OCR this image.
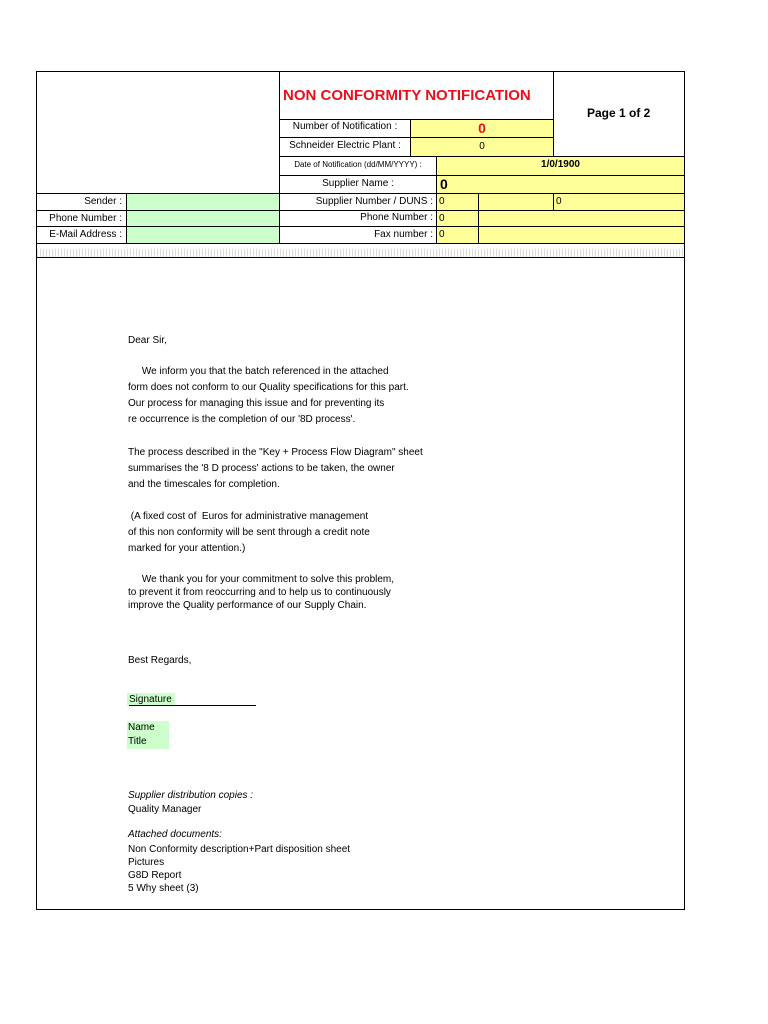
NON CONFORMITY NOTIFICATION
Page 1 of 2
Number of Notification :	0
Schneider Electric Plant :	0
Date of Notification (dd/MM/YYYY) :	1/0/1900
Supplier Name :	0
Sender :
Phone Number :
E-Mail Address :
Supplier Number / DUNS : 0	0
Phone Number : 0
Fax number : 0
Dear Sir,
We inform you that the batch referenced in the attached
form does not conform to our Quality specifications for this part.
Our process for managing this issue and for preventing its
re occurrence is the completion of our '8D process'.
The process described in the "Key + Process Flow Diagram" sheet
summarises the '8 D process' actions to be taken, the owner
and the timescales for completion.
(A fixed cost of  Euros for administrative management
of this non conformity will be sent through a credit note
marked for your attention.)
We thank you for your commitment to solve this problem,
to prevent it from reoccurring and to help us to continuously
improve the Quality performance of our Supply Chain.
Best Regards,
Signature
Name
Title
Supplier distribution copies :
Quality Manager
Attached documents:
Non Conformity description+Part disposition sheet
Pictures
G8D Report
5 Why sheet (3)
